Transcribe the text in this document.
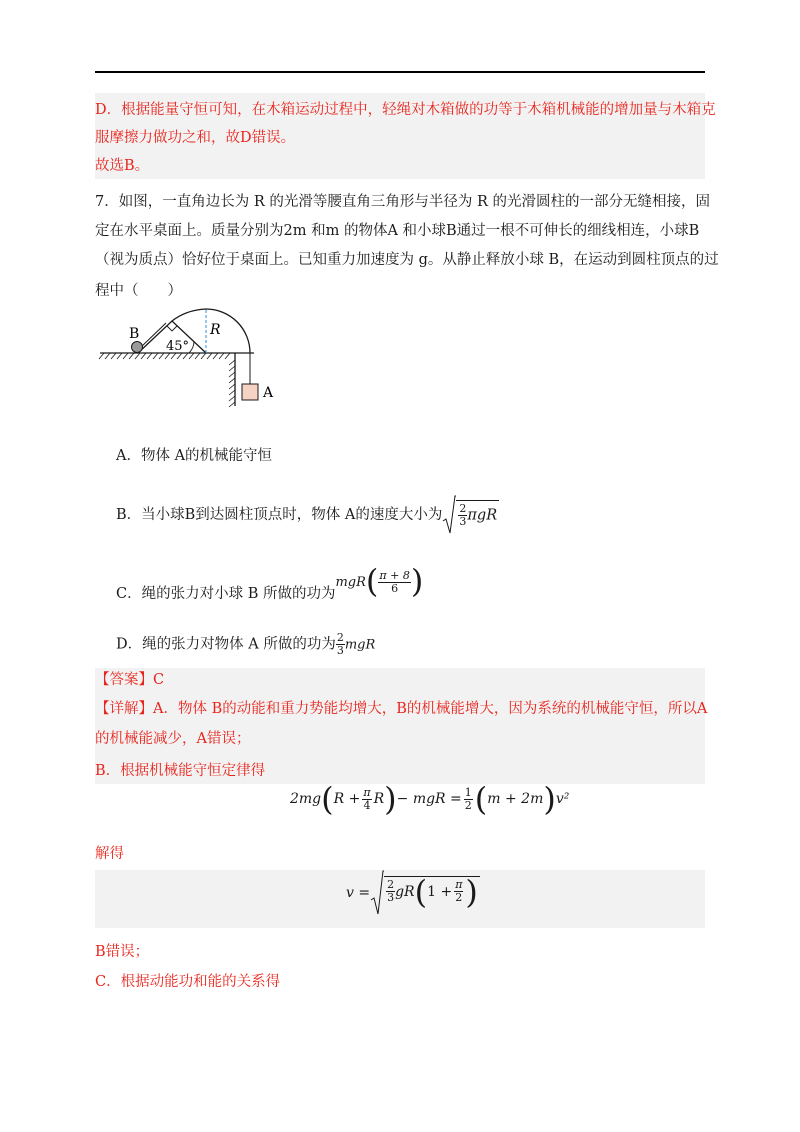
D．根据能量守恒可知，在木箱运动过程中，轻绳对木箱做的功等于木箱机械能的增加量与木箱克
服摩擦力做功之和，故D错误。
故选B。
7．如图，一直角边长为 R 的光滑等腰直角三角形与半径为 R 的光滑圆柱的一部分无缝相接，固
定在水平桌面上。质量分别为2m 和m 的物体A 和小球B通过一根不可伸长的细线相连，小球B
（视为质点）恰好位于桌面上。已知重力加速度为 g。从静止释放小球 B，在运动到圆柱顶点的过
程中（　　）
B	R
45°
A
A．物体 A的机械能守恒
B．当小球B到达圆柱顶点时，物体 A的速度大小为 $\frac{2}{3}$ πgR
C．绳的张力对小球 B 所做的功为$mgR( \frac{\pi + 8}{6}$ )
D．绳的张力对物体 A 所做的功为 $\frac{2}{3}$ mgR
【答案】C
【详解】A．物体 B的动能和重力势能均增大，B的机械能增大，因为系统的机械能守恒，所以A
的机械能减少，A错误；
B．根据机械能守恒定律得
$2mg(R + \frac{\pi}{4} R)-$ mgR = $\frac{1}{2} (m + 2m)v^2$
解得
$v = \frac{2}{3} gR(1 + \frac{\pi}{2}$ )
B错误；
C．根据动能功和能的关系得
